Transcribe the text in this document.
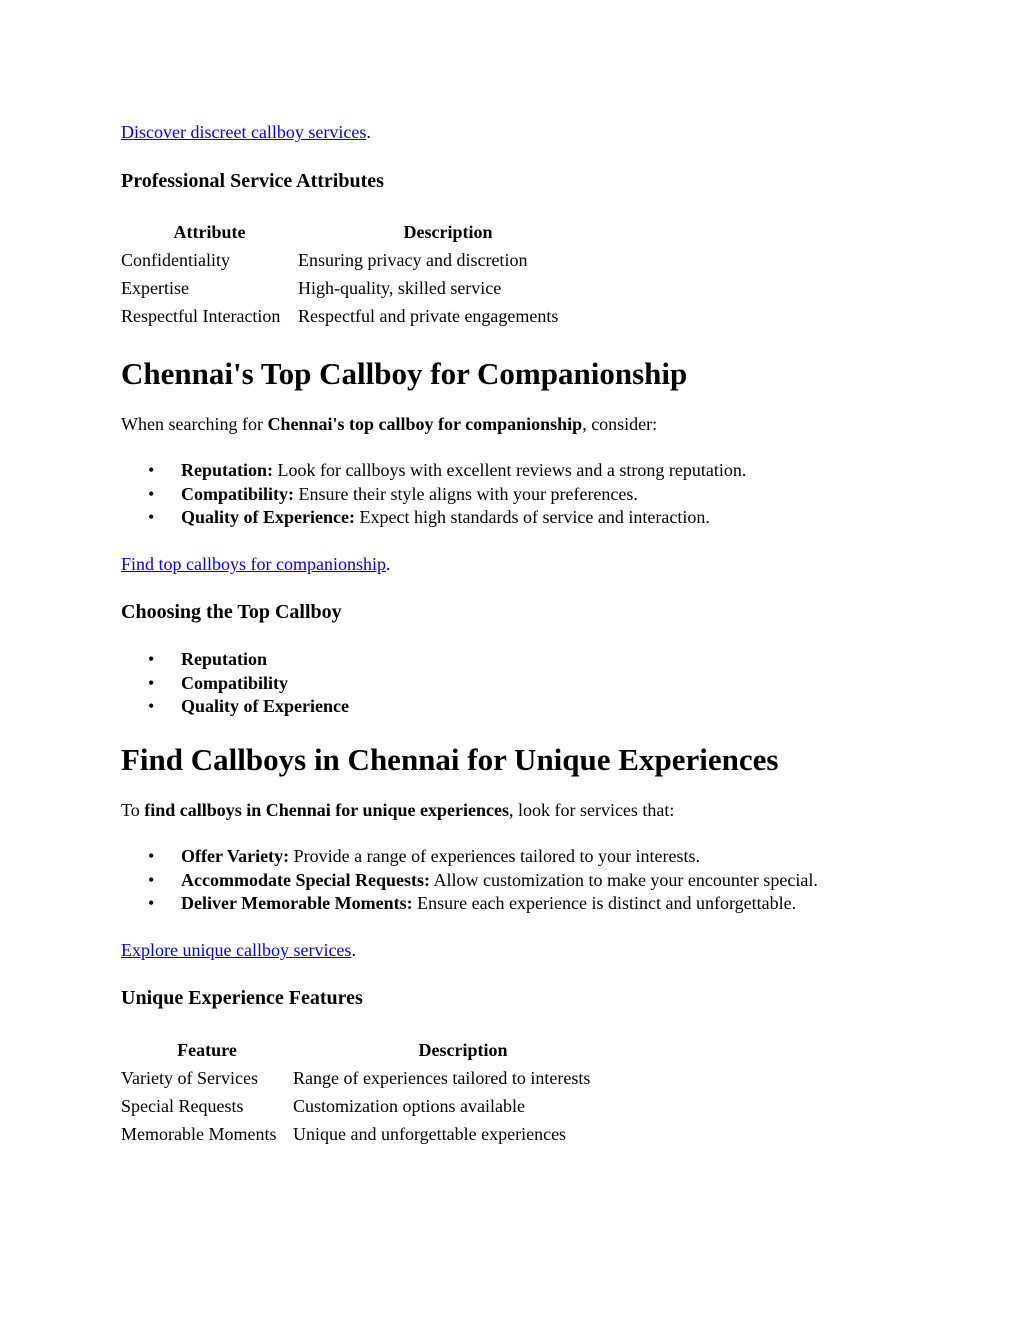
Discover discreet callboy services.
Professional Service Attributes
Attribute	Description
Confidentiality	Ensuring privacy and discretion
Expertise	High-quality, skilled service
Respectful Interaction	Respectful and private engagements
Chennai's Top Callboy for Companionship
When searching for Chennai's top callboy for companionship, consider:
• Reputation: Look for callboys with excellent reviews and a strong reputation.
• Compatibility: Ensure their style aligns with your preferences.
• Quality of Experience: Expect high standards of service and interaction.
Find top callboys for companionship.
Choosing the Top Callboy
• Reputation
• Compatibility
• Quality of Experience
Find Callboys in Chennai for Unique Experiences
To find callboys in Chennai for unique experiences, look for services that:
• Offer Variety: Provide a range of experiences tailored to your interests.
• Accommodate Special Requests: Allow customization to make your encounter special.
• Deliver Memorable Moments: Ensure each experience is distinct and unforgettable.
Explore unique callboy services.
Unique Experience Features
Feature	Description
Variety of Services	Range of experiences tailored to interests
Special Requests	Customization options available
Memorable Moments	Unique and unforgettable experiences
